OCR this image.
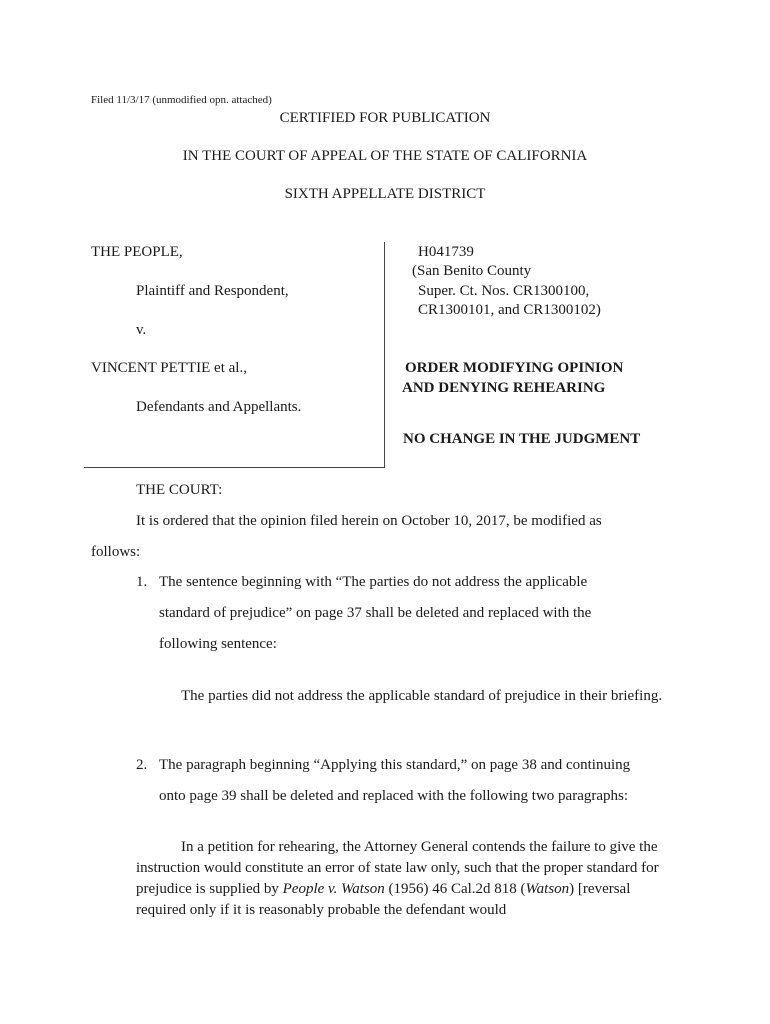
Filed 11/3/17 (unmodified opn. attached)
CERTIFIED FOR PUBLICATION
IN THE COURT OF APPEAL OF THE STATE OF CALIFORNIA
SIXTH APPELLATE DISTRICT
THE PEOPLE,
Plaintiff and Respondent,
v.
VINCENT PETTIE et al.,
Defendants and Appellants.
H041739
(San Benito County
Super. Ct. Nos. CR1300100,
CR1300101, and CR1300102)
ORDER MODIFYING OPINION
AND DENYING REHEARING
NO CHANGE IN THE JUDGMENT
THE COURT:
It is ordered that the opinion filed herein on October 10, 2017, be modified as
follows:
1. The sentence beginning with “The parties do not address the applicable
standard of prejudice” on page 37 shall be deleted and replaced with the
following sentence:
The parties did not address the applicable standard of prejudice in their briefing.
2. The paragraph beginning “Applying this standard,” on page 38 and continuing
onto page 39 shall be deleted and replaced with the following two paragraphs:
In a petition for rehearing, the Attorney General contends the failure to give the instruction would constitute an error of state law only, such that the proper standard for prejudice is supplied by People v. Watson (1956) 46 Cal.2d 818 (Watson) [reversal required only if it is reasonably probable the defendant would
